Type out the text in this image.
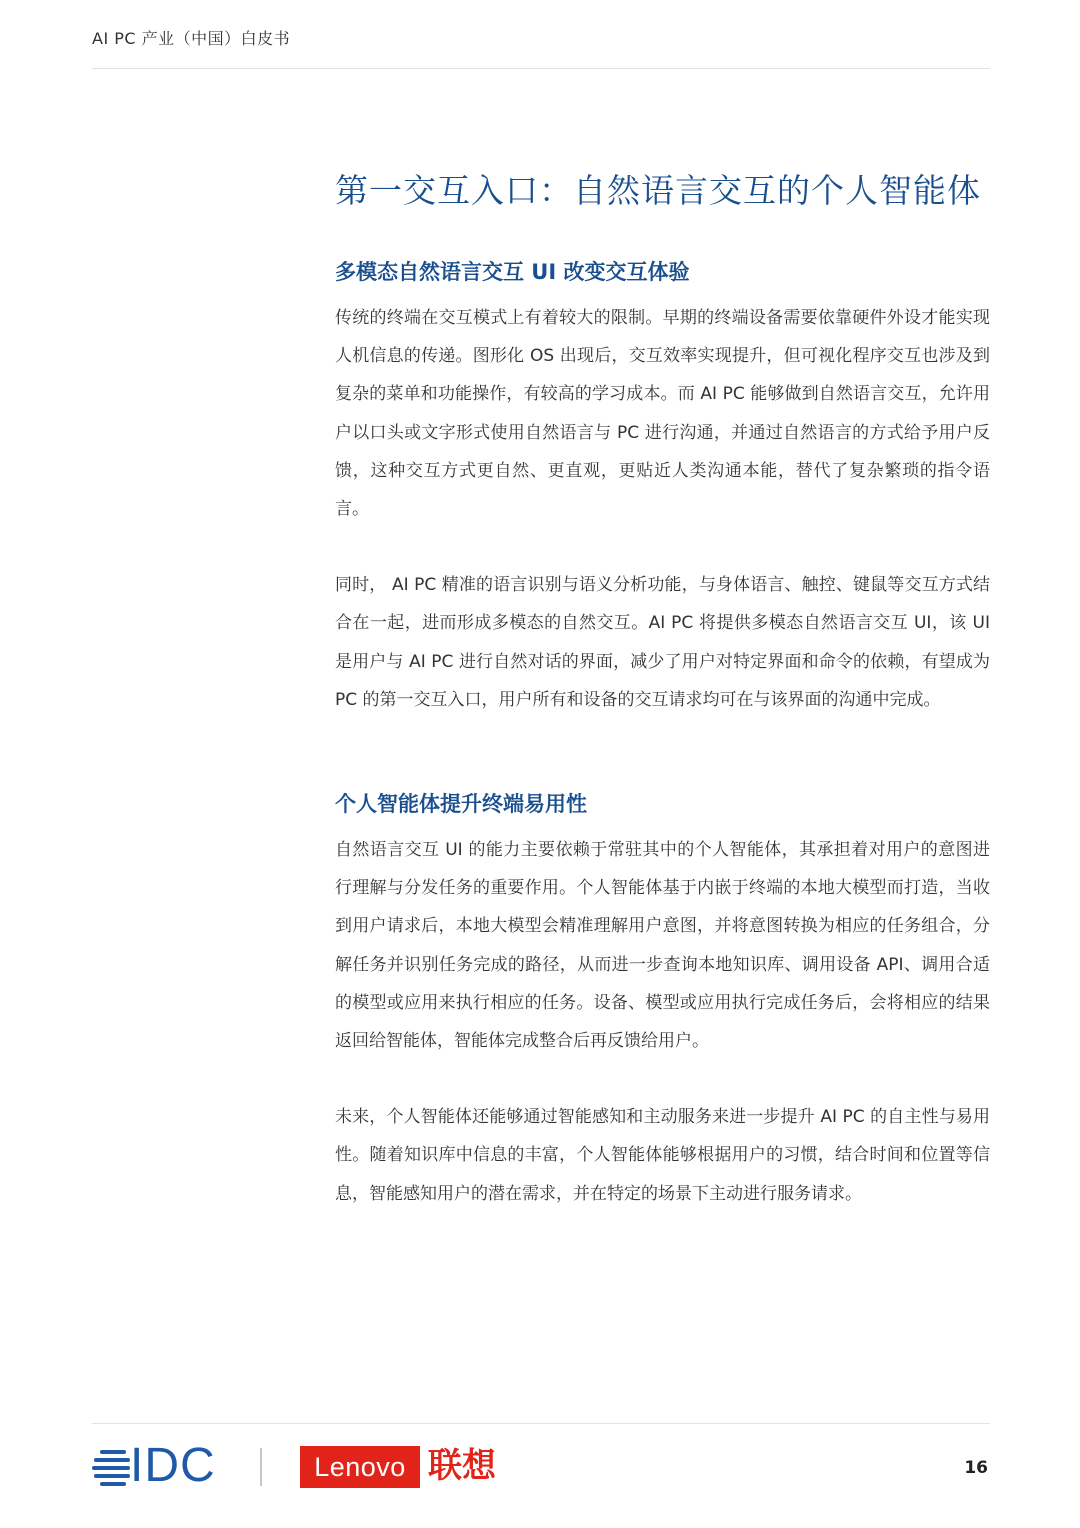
AI PC 产业（中国）白皮书
第一交互入口：自然语言交互的个人智能体
多模态自然语言交互 UI 改变交互体验

传统的终端在交互模式上有着较大的限制。早期的终端设备需要依靠硬件外设才能实现人机信息的传递。图形化 OS 出现后，交互效率实现提升，但可视化程序交互也涉及到复杂的菜单和功能操作，有较高的学习成本。而 AI PC 能够做到自然语言交互，允许用户以口头或文字形式使用自然语言与 PC 进行沟通，并通过自然语言的方式给予用户反馈，这种交互方式更自然、更直观，更贴近人类沟通本能，替代了复杂繁琐的指令语言。

同时， AI PC 精准的语言识别与语义分析功能，与身体语言、触控、键鼠等交互方式结合在一起，进而形成多模态的自然交互。AI PC 将提供多模态自然语言交互 UI，该 UI 是用户与 AI PC 进行自然对话的界面，减少了用户对特定界面和命令的依赖，有望成为 PC 的第一交互入口，用户所有和设备的交互请求均可在与该界面的沟通中完成。

个人智能体提升终端易用性

自然语言交互 UI 的能力主要依赖于常驻其中的个人智能体，其承担着对用户的意图进行理解与分发任务的重要作用。个人智能体基于内嵌于终端的本地大模型而打造，当收到用户请求后，本地大模型会精准理解用户意图，并将意图转换为相应的任务组合，分解任务并识别任务完成的路径，从而进一步查询本地知识库、调用设备 API、调用合适的模型或应用来执行相应的任务。设备、模型或应用执行完成任务后，会将相应的结果返回给智能体，智能体完成整合后再反馈给用户。

未来，个人智能体还能够通过智能感知和主动服务来进一步提升 AI PC 的自主性与易用性。随着知识库中信息的丰富，个人智能体能够根据用户的习惯，结合时间和位置等信息，智能感知用户的潜在需求，并在特定的场景下主动进行服务请求。

IDC	Lenovo 联想	16
